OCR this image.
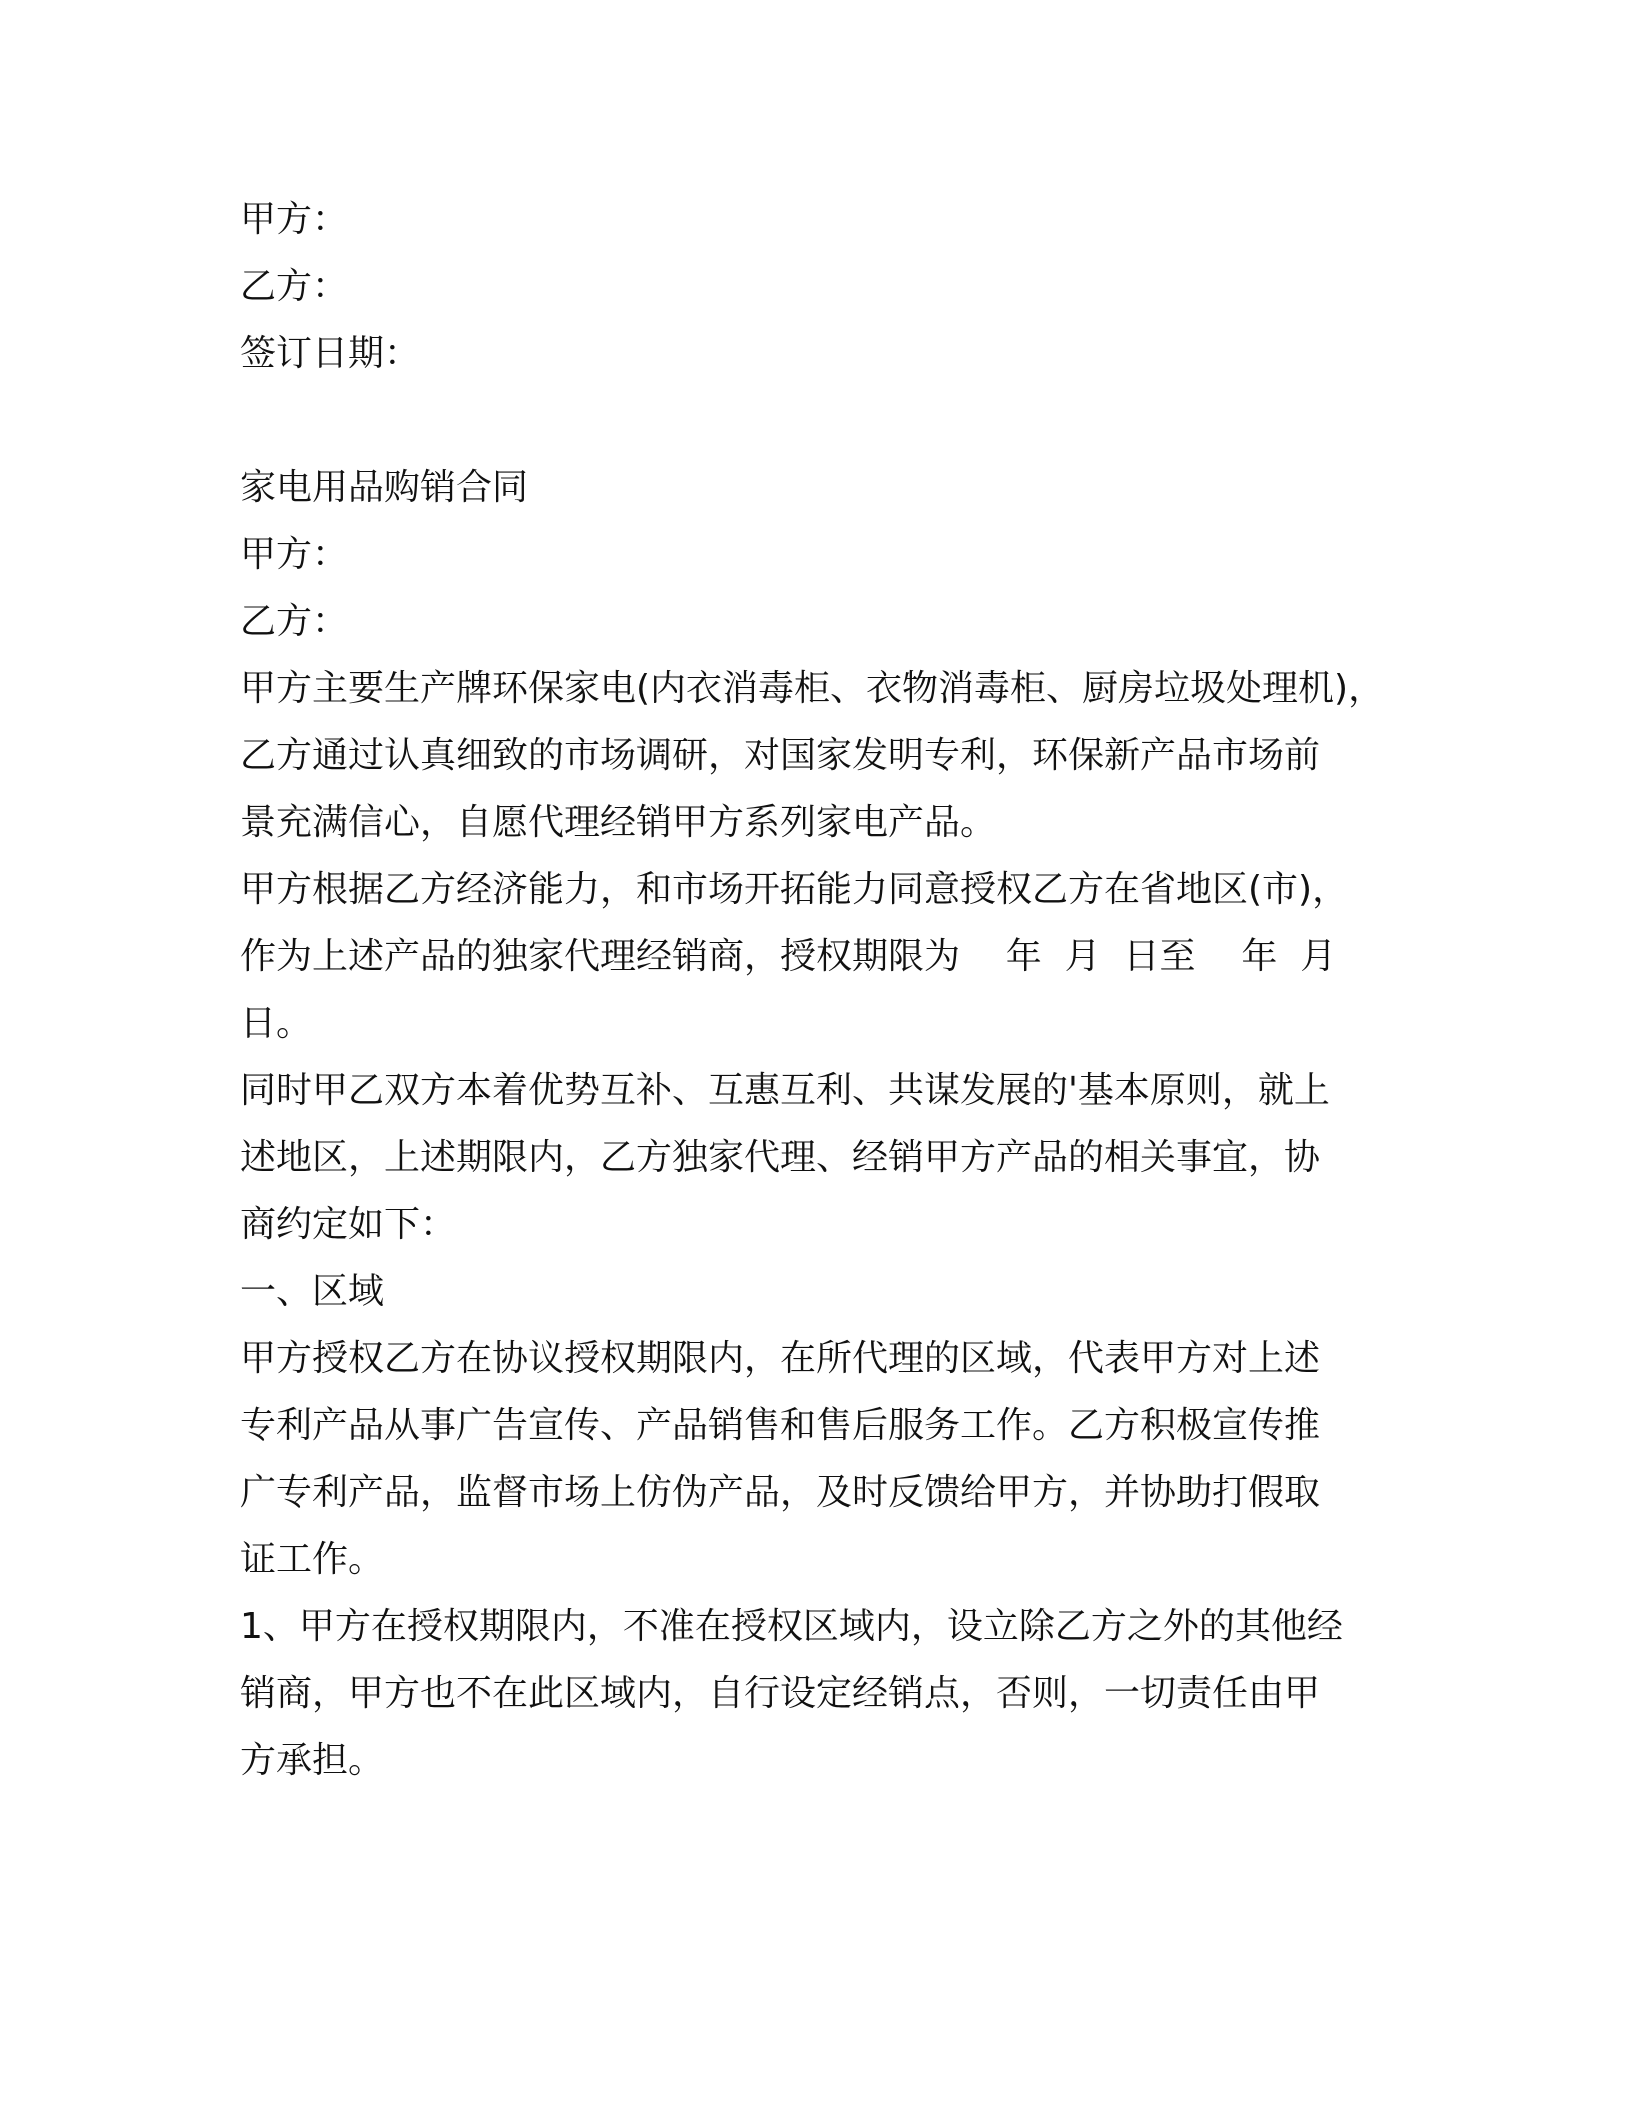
甲方：
乙方：
签订日期：
家电用品购销合同
甲方：
乙方：
甲方主要生产牌环保家电(内衣消毒柜、衣物消毒柜、厨房垃圾处理机)，
乙方通过认真细致的市场调研，对国家发明专利，环保新产品市场前
景充满信心，自愿代理经销甲方系列家电产品。
甲方根据乙方经济能力，和市场开拓能力同意授权乙方在省地区(市)，
作为上述产品的独家代理经销商，授权期限为    年  月  日至    年  月
日。
同时甲乙双方本着优势互补、互惠互利、共谋发展的'基本原则，就上
述地区，上述期限内，乙方独家代理、经销甲方产品的相关事宜，协
商约定如下：
一、区域
甲方授权乙方在协议授权期限内，在所代理的区域，代表甲方对上述
专利产品从事广告宣传、产品销售和售后服务工作。乙方积极宣传推
广专利产品，监督市场上仿伪产品，及时反馈给甲方，并协助打假取
证工作。
1、甲方在授权期限内，不准在授权区域内，设立除乙方之外的其他经
销商，甲方也不在此区域内，自行设定经销点，否则，一切责任由甲
方承担。
